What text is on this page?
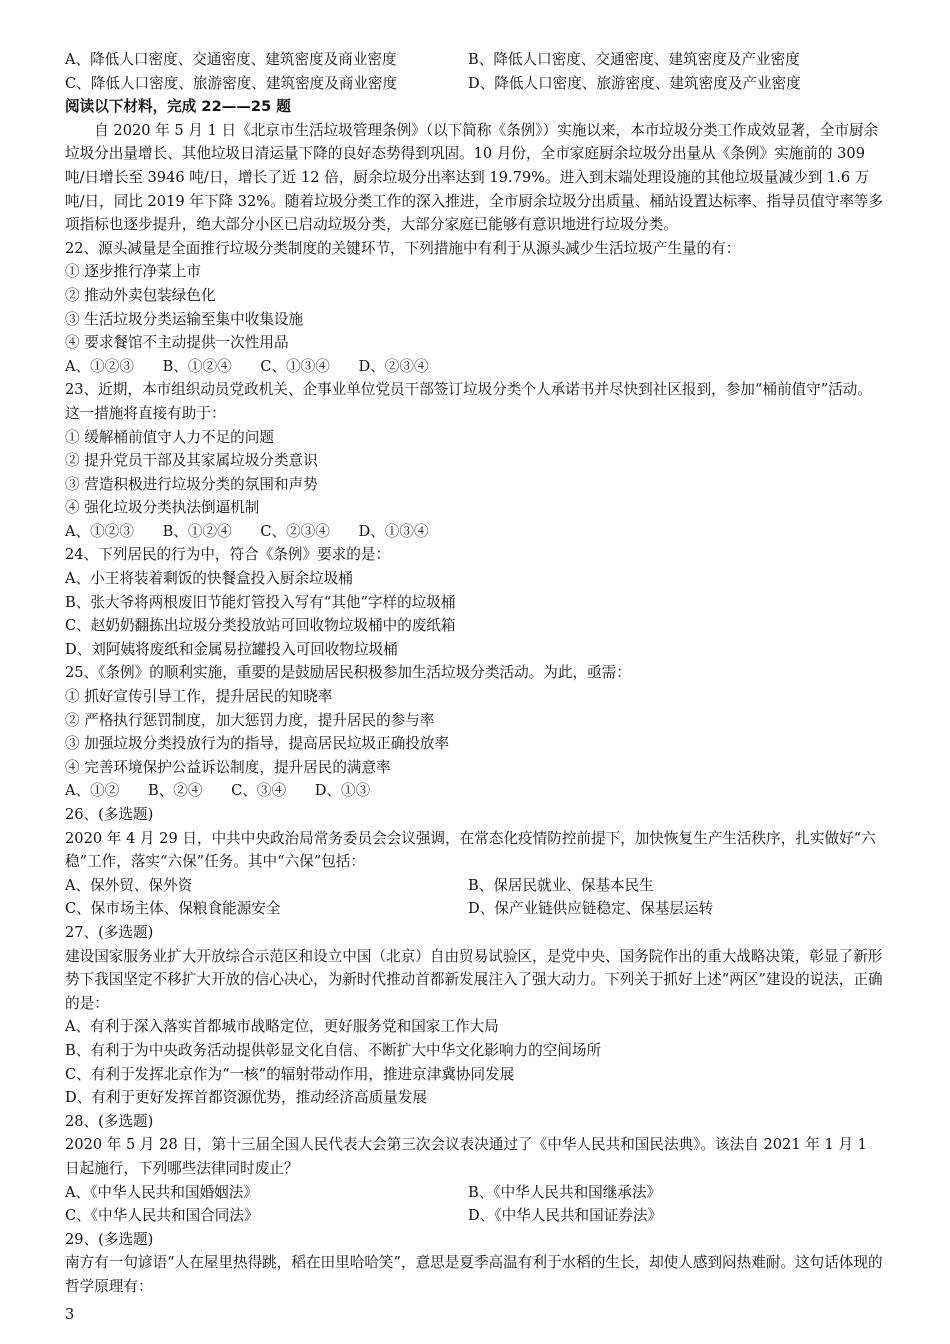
A、降低人口密度、交通密度、建筑密度及商业密度	B、降低人口密度、交通密度、建筑密度及产业密度
C、降低人口密度、旅游密度、建筑密度及商业密度	D、降低人口密度、旅游密度、建筑密度及产业密度
阅读以下材料，完成 22——25 题
自 2020 年 5 月 1 日《北京市生活垃圾管理条例》（以下简称《条例》）实施以来，本市垃圾分类工作成效显著，全市厨余垃圾分出量增长、其他垃圾日清运量下降的良好态势得到巩固。10 月份，全市家庭厨余垃圾分出量从《条例》实施前的 309 吨/日增长至 3946 吨/日，增长了近 12 倍，厨余垃圾分出率达到 19.79%。进入到末端处理设施的其他垃圾量减少到 1.6 万吨/日，同比 2019 年下降 32%。随着垃圾分类工作的深入推进，全市厨余垃圾分出质量、桶站设置达标率、指导员值守率等多项指标也逐步提升，绝大部分小区已启动垃圾分类，大部分家庭已能够有意识地进行垃圾分类。
22、源头减量是全面推行垃圾分类制度的关键环节，下列措施中有利于从源头减少生活垃圾产生量的有：
① 逐步推行净菜上市
② 推动外卖包装绿色化
③ 生活垃圾分类运输至集中收集设施
④ 要求餐馆不主动提供一次性用品
A、①②③ B、①②④ C、①③④ D、②③④
23、近期，本市组织动员党政机关、企事业单位党员干部签订垃圾分类个人承诺书并尽快到社区报到，参加“桶前值守”活动。这一措施将直接有助于：
① 缓解桶前值守人力不足的问题
② 提升党员干部及其家属垃圾分类意识
③ 营造积极进行垃圾分类的氛围和声势
④ 强化垃圾分类执法倒逼机制
A、①②③ B、①②④ C、②③④ D、①③④
24、下列居民的行为中，符合《条例》要求的是：
A、小王将装着剩饭的快餐盒投入厨余垃圾桶
B、张大爷将两根废旧节能灯管投入写有“其他”字样的垃圾桶
C、赵奶奶翻拣出垃圾分类投放站可回收物垃圾桶中的废纸箱
D、刘阿姨将废纸和金属易拉罐投入可回收物垃圾桶
25、《条例》的顺利实施，重要的是鼓励居民积极参加生活垃圾分类活动。为此，亟需：
① 抓好宣传引导工作，提升居民的知晓率
② 严格执行惩罚制度，加大惩罚力度，提升居民的参与率
③ 加强垃圾分类投放行为的指导，提高居民垃圾正确投放率
④ 完善环境保护公益诉讼制度，提升居民的满意率
A、①② B、②④ C、③④ D、①③
26、(多选题)
2020 年 4 月 29 日，中共中央政治局常务委员会会议强调，在常态化疫情防控前提下，加快恢复生产生活秩序，扎实做好“六稳”工作，落实“六保”任务。其中“六保”包括：
A、保外贸、保外资	B、保居民就业、保基本民生
C、保市场主体、保粮食能源安全	D、保产业链供应链稳定、保基层运转
27、(多选题)
建设国家服务业扩大开放综合示范区和设立中国（北京）自由贸易试验区，是党中央、国务院作出的重大战略决策，彰显了新形势下我国坚定不移扩大开放的信心决心，为新时代推动首都新发展注入了强大动力。下列关于抓好上述“两区”建设的说法，正确的是：
A、有利于深入落实首都城市战略定位，更好服务党和国家工作大局
B、有利于为中央政务活动提供彰显文化自信、不断扩大中华文化影响力的空间场所
C、有利于发挥北京作为“一核”的辐射带动作用，推进京津冀协同发展
D、有利于更好发挥首都资源优势，推动经济高质量发展
28、(多选题)
2020 年 5 月 28 日，第十三届全国人民代表大会第三次会议表决通过了《中华人民共和国民法典》。该法自 2021 年 1 月 1 日起施行，下列哪些法律同时废止？
A、《中华人民共和国婚姻法》	B、《中华人民共和国继承法》
C、《中华人民共和国合同法》	D、《中华人民共和国证券法》
29、(多选题)
南方有一句谚语“人在屋里热得跳，稻在田里哈哈笑”，意思是夏季高温有利于水稻的生长，却使人感到闷热难耐。这句话体现的哲学原理有：
3
